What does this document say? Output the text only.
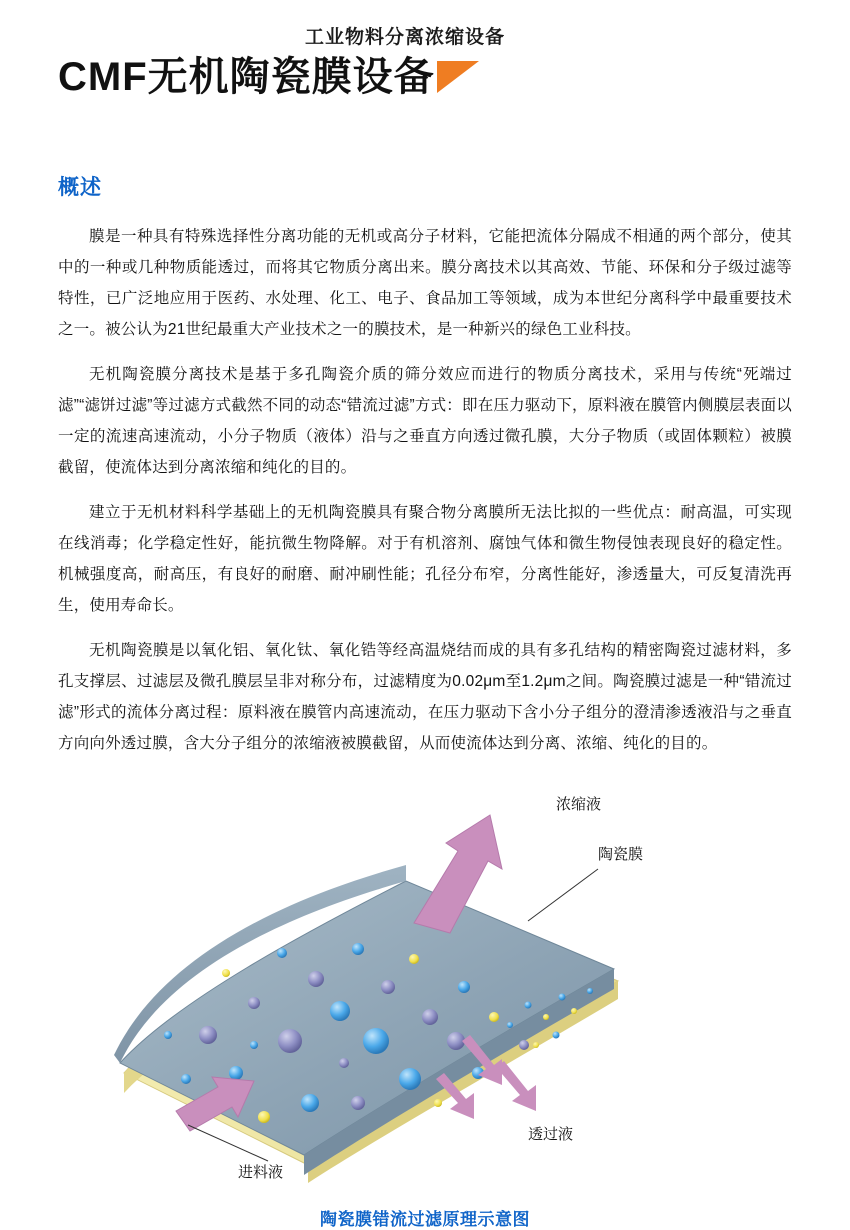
工业物料分离浓缩设备
CMF无机陶瓷膜设备
概述

膜是一种具有特殊选择性分离功能的无机或高分子材料，它能把流体分隔成不相通的两个部分，使其中的一种或几种物质能透过，而将其它物质分离出来。膜分离技术以其高效、节能、环保和分子级过滤等特性，已广泛地应用于医药、水处理、化工、电子、食品加工等领域，成为本世纪分离科学中最重要技术之一。被公认为21世纪最重大产业技术之一的膜技术，是一种新兴的绿色工业科技。

无机陶瓷膜分离技术是基于多孔陶瓷介质的筛分效应而进行的物质分离技术，采用与传统“死端过滤”“滤饼过滤”等过滤方式截然不同的动态“错流过滤”方式：即在压力驱动下，原料液在膜管内侧膜层表面以一定的流速高速流动，小分子物质（液体）沿与之垂直方向透过微孔膜，大分子物质（或固体颗粒）被膜截留，使流体达到分离浓缩和纯化的目的。

建立于无机材料科学基础上的无机陶瓷膜具有聚合物分离膜所无法比拟的一些优点：耐高温，可实现在线消毒；化学稳定性好，能抗微生物降解。对于有机溶剂、腐蚀气体和微生物侵蚀表现良好的稳定性。机械强度高，耐高压，有良好的耐磨、耐冲刷性能；孔径分布窄，分离性能好，渗透量大，可反复清洗再生，使用寿命长。

无机陶瓷膜是以氧化铝、氧化钛、氧化锆等经高温烧结而成的具有多孔结构的精密陶瓷过滤材料，多孔支撑层、过滤层及微孔膜层呈非对称分布，过滤精度为0.02μm至1.2μm之间。陶瓷膜过滤是一种“错流过滤”形式的流体分离过程：原料液在膜管内高速流动，在压力驱动下含小分子组分的澄清渗透液沿与之垂直方向向外透过膜，含大分子组分的浓缩液被膜截留，从而使流体达到分离、浓缩、纯化的目的。

浓缩液
陶瓷膜
透过液
进料液
陶瓷膜错流过滤原理示意图
